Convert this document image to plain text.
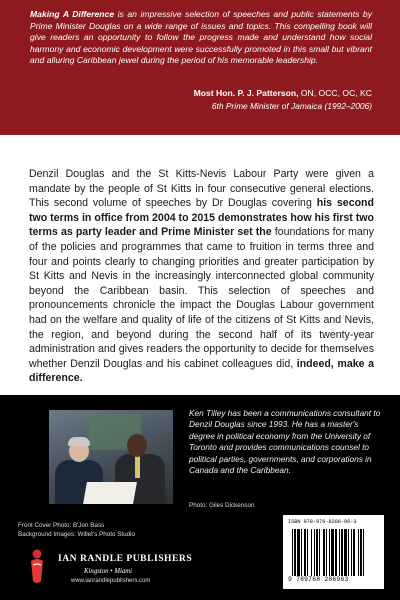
Making A Difference is an impressive selection of speeches and public statements by Prime Minister Douglas on a wide range of issues and topics. This compelling book will give readers an opportunity to follow the progress made and understand how social harmony and economic development were successfully promoted in this small but vibrant and alluring Caribbean jewel during the period of his memorable leadership.

Most Hon. P. J. Patterson, ON, OCC, OC, KC
6th Prime Minister of Jamaica (1992–2006)

Denzil Douglas and the St Kitts-Nevis Labour Party were given a mandate by the people of St Kitts in four consecutive general elections. This second volume of speeches by Dr Douglas covering his second two terms in office from 2004 to 2015 demonstrates how his first two terms as party leader and Prime Minister set the foundations for many of the policies and programmes that came to fruition in terms three and four and points clearly to changing priorities and greater participation by St Kitts and Nevis in the increasingly interconnected global community beyond the Caribbean basin. This selection of speeches and pronouncements chronicle the impact the Douglas Labour government had on the welfare and quality of life of the citizens of St Kitts and Nevis, the region, and beyond during the second half of its twenty-year administration and gives readers the opportunity to decide for themselves whether Denzil Douglas and his cabinet colleagues did, indeed, make a difference.

Ken Tilley has been a communications consultant to Denzil Douglas since 1993. He has a master's degree in political economy from the University of Toronto and provides communications counsel to political parties, governments, and corporations in Canada and the Caribbean.

Photo: Giles Dickenson
Front Cover Photo: B'Jon Bass
Background Images: Willet's Photo Studio
IAN RANDLE PUBLISHERS
Kingston • Miami
www.ianrandlepublishers.com
ISBN 978-976-8286-96-3
9 789768 286963
